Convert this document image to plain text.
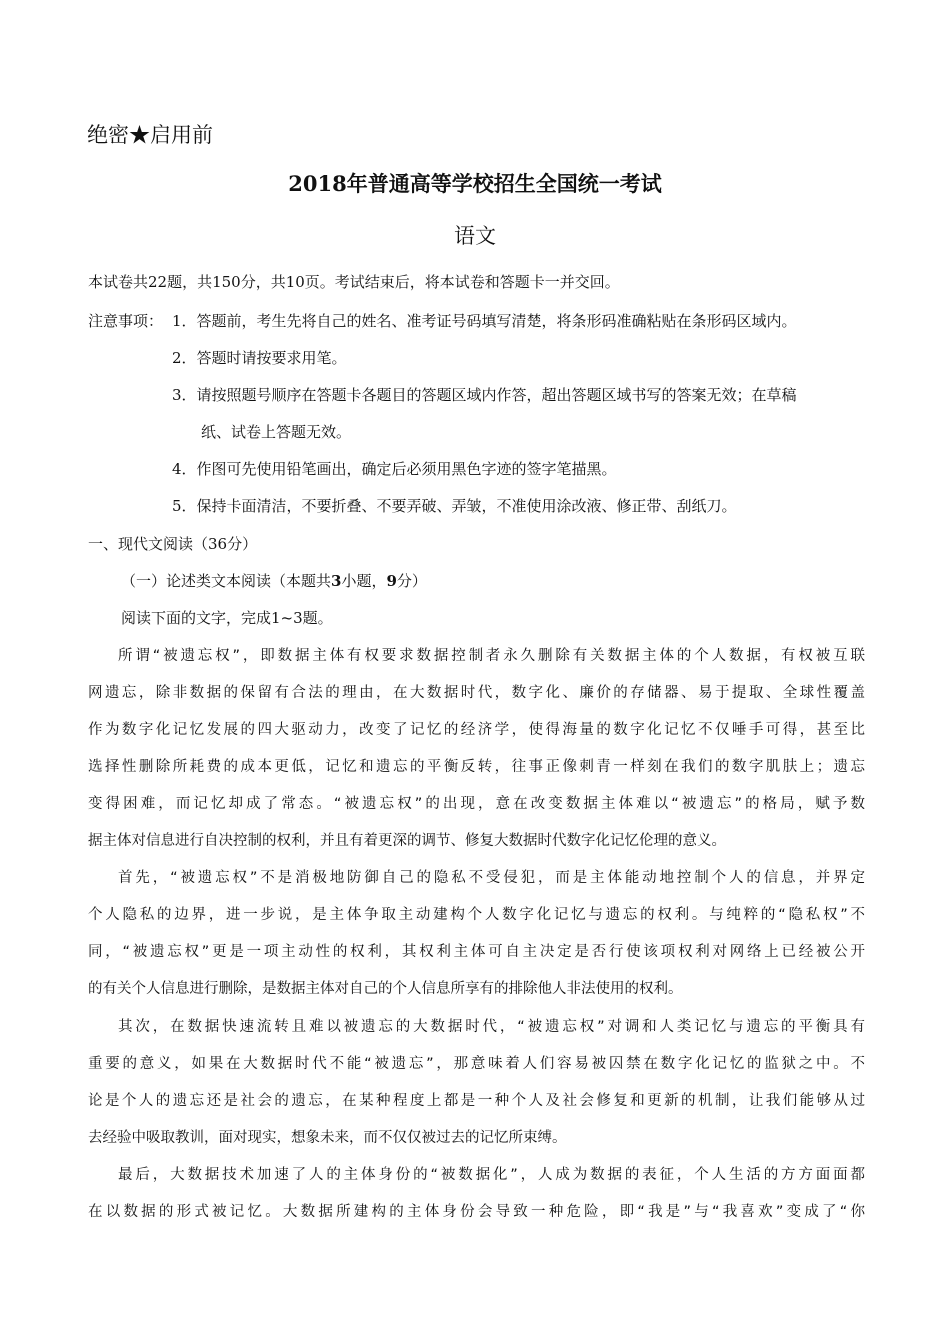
绝密★启用前
2018年普通高等学校招生全国统一考试
语文
本试卷共22题，共150分，共10页。考试结束后，将本试卷和答题卡一并交回。
注意事项： 1．答题前，考生先将自己的姓名、准考证号码填写清楚，将条形码准确粘贴在条形码区域内。
2．答题时请按要求用笔。
3．请按照题号顺序在答题卡各题目的答题区域内作答，超出答题区域书写的答案无效；在草稿
纸、试卷上答题无效。
4．作图可先使用铅笔画出，确定后必须用黑色字迹的签字笔描黑。
5．保持卡面清洁，不要折叠、不要弄破、弄皱，不准使用涂改液、修正带、刮纸刀。
一、现代文阅读（36分）
（一）论述类文本阅读（本题共3小题，9分）
阅读下面的文字，完成1~3题。
所谓“被遗忘权”，即数据主体有权要求数据控制者永久删除有关数据主体的个人数据，有权被互联
网遗忘，除非数据的保留有合法的理由，在大数据时代，数字化、廉价的存储器、易于提取、全球性覆盖
作为数字化记忆发展的四大驱动力，改变了记忆的经济学，使得海量的数字化记忆不仅唾手可得，甚至比
选择性删除所耗费的成本更低，记忆和遗忘的平衡反转，往事正像刺青一样刻在我们的数字肌肤上；遗忘
变得困难，而记忆却成了常态。“被遗忘权”的出现，意在改变数据主体难以“被遗忘”的格局，赋予数
据主体对信息进行自决控制的权利，并且有着更深的调节、修复大数据时代数字化记忆伦理的意义。
首先，“被遗忘权”不是消极地防御自己的隐私不受侵犯，而是主体能动地控制个人的信息，并界定
个人隐私的边界，进一步说，是主体争取主动建构个人数字化记忆与遗忘的权利。与纯粹的“隐私权”不
同，“被遗忘权”更是一项主动性的权利，其权利主体可自主决定是否行使该项权利对网络上已经被公开
的有关个人信息进行删除，是数据主体对自己的个人信息所享有的排除他人非法使用的权利。
其次，在数据快速流转且难以被遗忘的大数据时代，“被遗忘权”对调和人类记忆与遗忘的平衡具有
重要的意义，如果在大数据时代不能“被遗忘”，那意味着人们容易被囚禁在数字化记忆的监狱之中。不
论是个人的遗忘还是社会的遗忘，在某种程度上都是一种个人及社会修复和更新的机制，让我们能够从过
去经验中吸取教训，面对现实，想象未来，而不仅仅被过去的记忆所束缚。
最后，大数据技术加速了人的主体身份的“被数据化”，人成为数据的表征，个人生活的方方面面都
在以数据的形式被记忆。大数据所建构的主体身份会导致一种危险，即“我是”与“我喜欢”变成了“你
